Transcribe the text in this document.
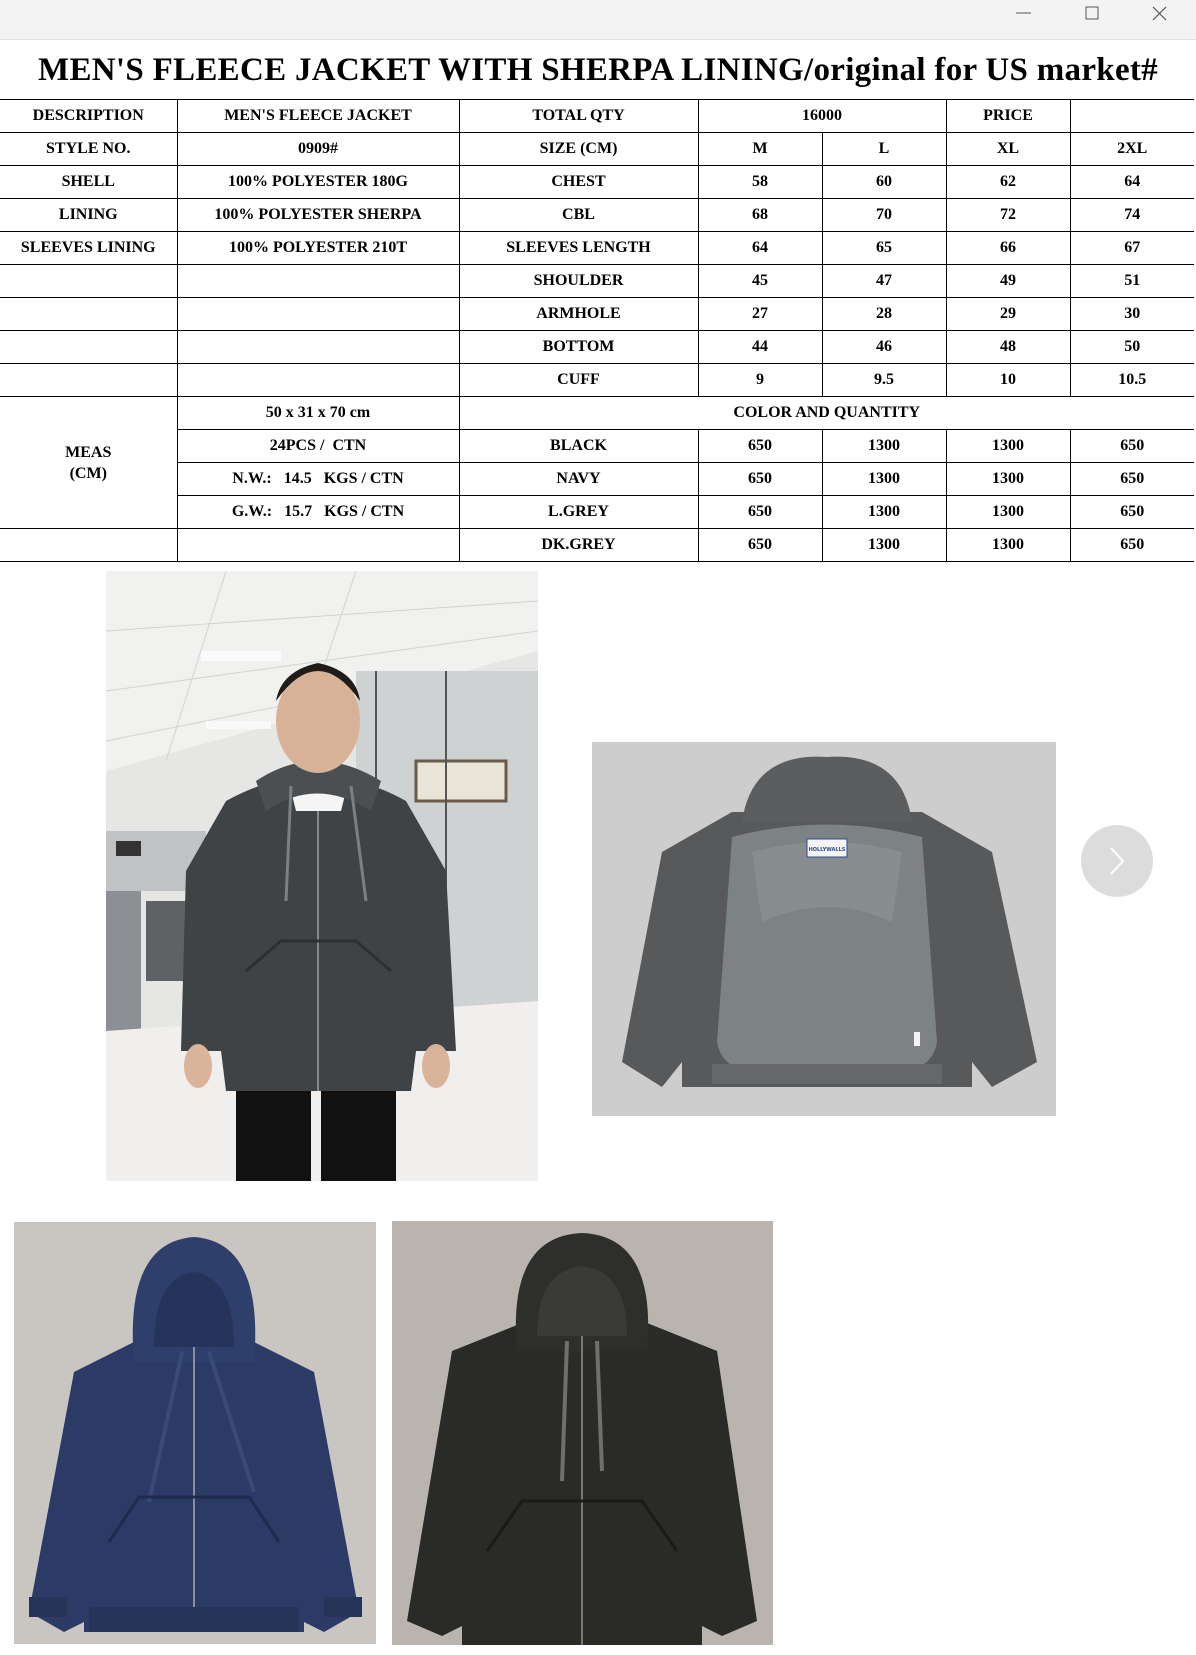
MEN'S FLEECE JACKET WITH SHERPA LINING/original for US market#
DESCRIPTION	MEN'S FLEECE JACKET	TOTAL QTY	16000		PRICE	
STYLE NO.	0909#	SIZE (CM)	M	L	XL	2XL
SHELL	100% POLYESTER 180G	CHEST	58	60	62	64
LINING	100% POLYESTER SHERPA	CBL	68	70	72	74
SLEEVES LINING	100% POLYESTER 210T	SLEEVES LENGTH	64	65	66	67
		SHOULDER	45	47	49	51
		ARMHOLE	27	28	29	30
		BOTTOM	44	46	48	50
		CUFF	9	9.5	10	10.5
MEAS
(CM)	50 x 31 x 70 cm	COLOR AND QUANTITY				
	24PCS /  CTN	BLACK	650	1300	1300	650
	N.W.:   14.5   KGS / CTN	NAVY	650	1300	1300	650
	G.W.:   15.7   KGS / CTN	L.GREY	650	1300	1300	650
		DK.GREY	650	1300	1300	650
HOLLYWALLS
